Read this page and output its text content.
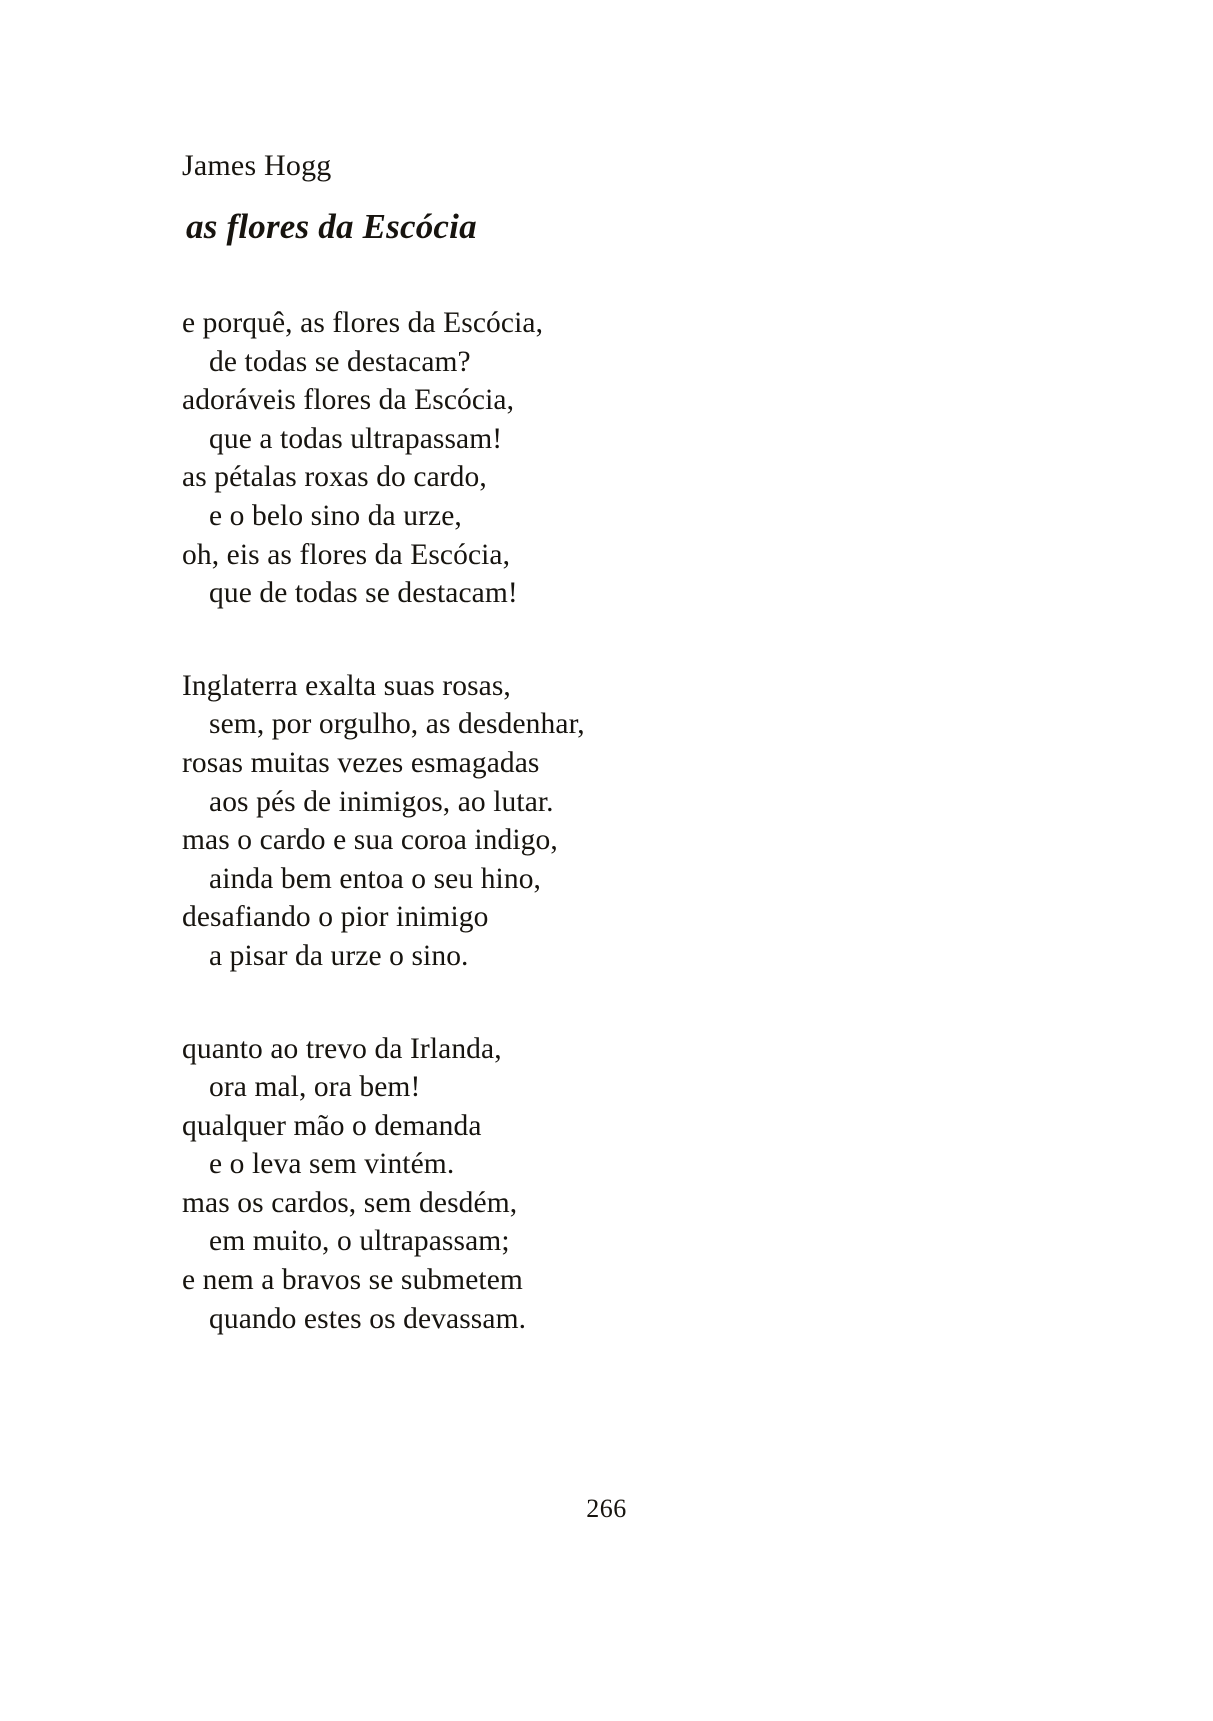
James Hogg
as flores da Escócia
e porquê, as flores da Escócia,
de todas se destacam?
adoráveis flores da Escócia,
que a todas ultrapassam!
as pétalas roxas do cardo,
e o belo sino da urze,
oh, eis as flores da Escócia,
que de todas se destacam!
Inglaterra exalta suas rosas,
sem, por orgulho, as desdenhar,
rosas muitas vezes esmagadas
aos pés de inimigos, ao lutar.
mas o cardo e sua coroa indigo,
ainda bem entoa o seu hino,
desafiando o pior inimigo
a pisar da urze o sino.
quanto ao trevo da Irlanda,
ora mal, ora bem!
qualquer mão o demanda
e o leva sem vintém.
mas os cardos, sem desdém,
em muito, o ultrapassam;
e nem a bravos se submetem
quando estes os devassam.
266
